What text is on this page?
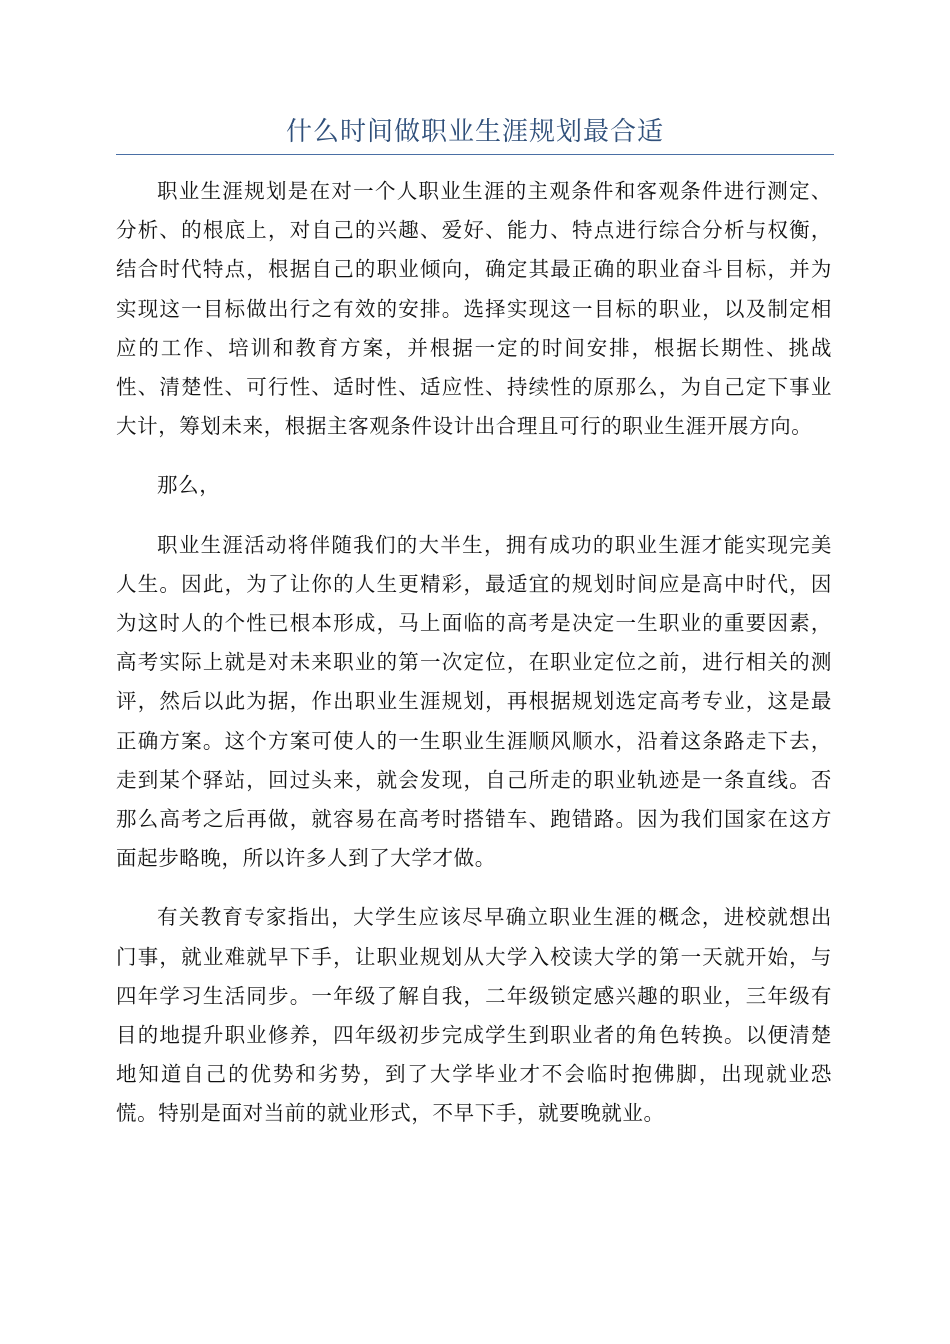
什么时间做职业生涯规划最合适

职业生涯规划是在对一个人职业生涯的主观条件和客观条件进行测定、分析、的根底上，对自己的兴趣、爱好、能力、特点进行综合分析与权衡，结合时代特点，根据自己的职业倾向，确定其最正确的职业奋斗目标，并为实现这一目标做出行之有效的安排。选择实现这一目标的职业，以及制定相应的工作、培训和教育方案，并根据一定的时间安排，根据长期性、挑战性、清楚性、可行性、适时性、适应性、持续性的原那么，为自己定下事业大计，筹划未来，根据主客观条件设计出合理且可行的职业生涯开展方向。

那么，

职业生涯活动将伴随我们的大半生，拥有成功的职业生涯才能实现完美人生。因此，为了让你的人生更精彩，最适宜的规划时间应是高中时代，因为这时人的个性已根本形成，马上面临的高考是决定一生职业的重要因素，高考实际上就是对未来职业的第一次定位，在职业定位之前，进行相关的测评，然后以此为据，作出职业生涯规划，再根据规划选定高考专业，这是最正确方案。这个方案可使人的一生职业生涯顺风顺水，沿着这条路走下去，走到某个驿站，回过头来，就会发现，自己所走的职业轨迹是一条直线。否那么高考之后再做，就容易在高考时搭错车、跑错路。因为我们国家在这方面起步略晚，所以许多人到了大学才做。

有关教育专家指出，大学生应该尽早确立职业生涯的概念，进校就想出门事，就业难就早下手，让职业规划从大学入校读大学的第一天就开始，与四年学习生活同步。一年级了解自我，二年级锁定感兴趣的职业，三年级有目的地提升职业修养，四年级初步完成学生到职业者的角色转换。以便清楚地知道自己的优势和劣势，到了大学毕业才不会临时抱佛脚，出现就业恐慌。特别是面对当前的就业形式，不早下手，就要晚就业。
